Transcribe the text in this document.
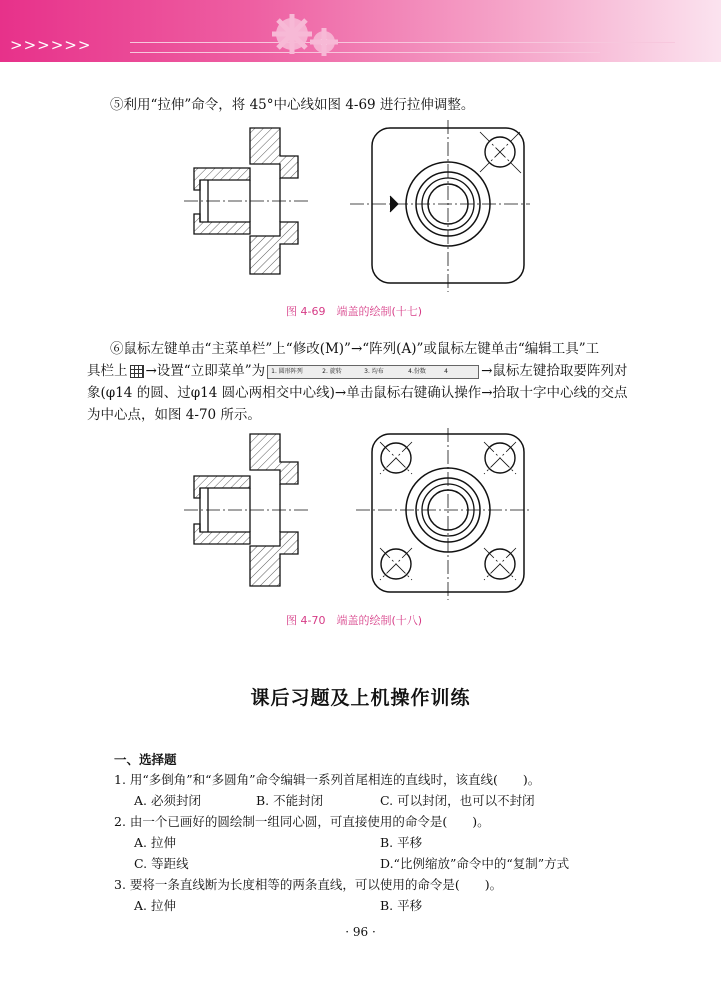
>>>>>>
⑤利用“拉伸”命令，将 45°中心线如图 4-69 进行拉伸调整。
图 4-69　端盖的绘制(十七)
⑥鼠标左键单击“主菜单栏”上“修改(M)”→“阵列(A)”或鼠标左键单击“编辑工具”工
具栏上 →设置“立即菜单”为 1. 圆形阵列	2. 旋转	3. 均布	4.份数	4 →鼠标左键拾取要阵列对
象(φ14 的圆、过φ14 圆心两相交中心线)→单击鼠标右键确认操作→拾取十字中心线的交点
为中心点，如图 4-70 所示。
图 4-70　端盖的绘制(十八)
课后习题及上机操作训练
一、选择题
1. 用“多倒角”和“多圆角”命令编辑一系列首尾相连的直线时，该直线(　　)。
A. 必须封闭	B. 不能封闭	C. 可以封闭，也可以不封闭
2. 由一个已画好的圆绘制一组同心圆，可直接使用的命令是(　　)。
A. 拉伸	B. 平移
C. 等距线	D.“比例缩放”命令中的“复制”方式
3. 要将一条直线断为长度相等的两条直线，可以使用的命令是(　　)。
A. 拉伸	B. 平移
· 96 ·
